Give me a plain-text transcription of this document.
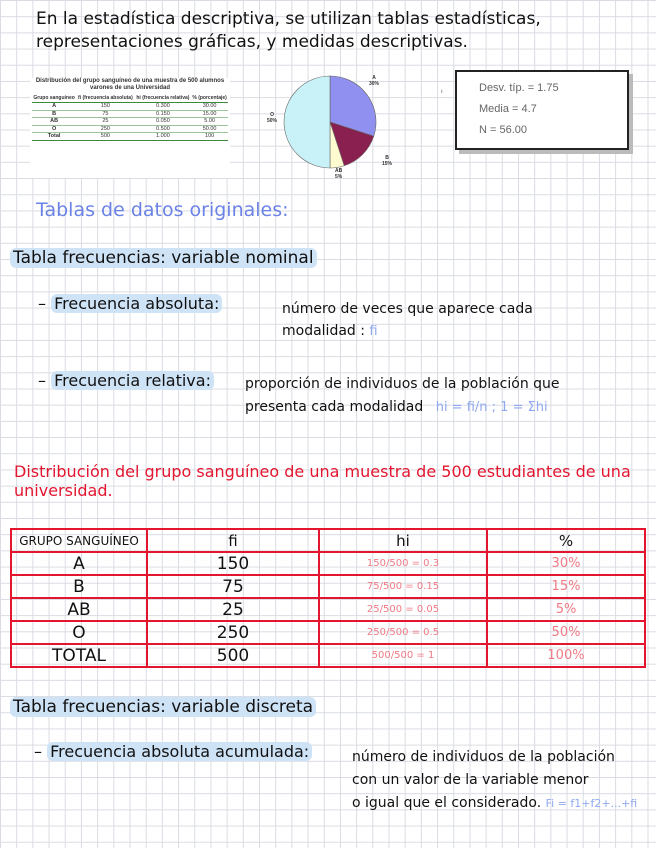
En la estadística descriptiva, se utilizan tablas estadísticas,
representaciones gráficas, y medidas descriptivas.
Distribución del grupo sanguíneo de una muestra de 500 alumnos varones de una Universidad
Grupo sanguíneo	fi (frecuencia absoluta)	hi (frecuencia relativa)	% (porcentaje)
A	150	0.300	30.00
B	75	0.150	15.00
AB	25	0.050	5.00
O	250	0.500	50.00
Total	500	1.000	100
A
30%
B
15%
AB
5%
O
50%
ı	Desv. típ. = 1.75
Media = 4.7
N = 56.00
Tablas de datos originales:
Tabla frecuencias: variable nominal
– Frecuencia absoluta:	número de veces que aparece cada
modalidad : fi
– Frecuencia relativa: proporción de individuos de la población que
presenta cada modalidad hi = fi/n ; 1 = Σhi
Distribución del grupo sanguíneo de una muestra de 500 estudiantes de una universidad.
GRUPO SANGUÍNEO	fi	hi	%
A	150	150/500 = 0.3	30%
B	75	75/500 = 0.15	15%
AB	25	25/500 = 0.05	5%
O	250	250/500 = 0.5	50%
TOTAL	500	500/500 = 1	100%
Tabla frecuencias: variable discreta
– Frecuencia absoluta acumulada:	número de individuos de la población
con un valor de la variable menor
o igual que el considerado. Fi = f1+f2+...+fi
